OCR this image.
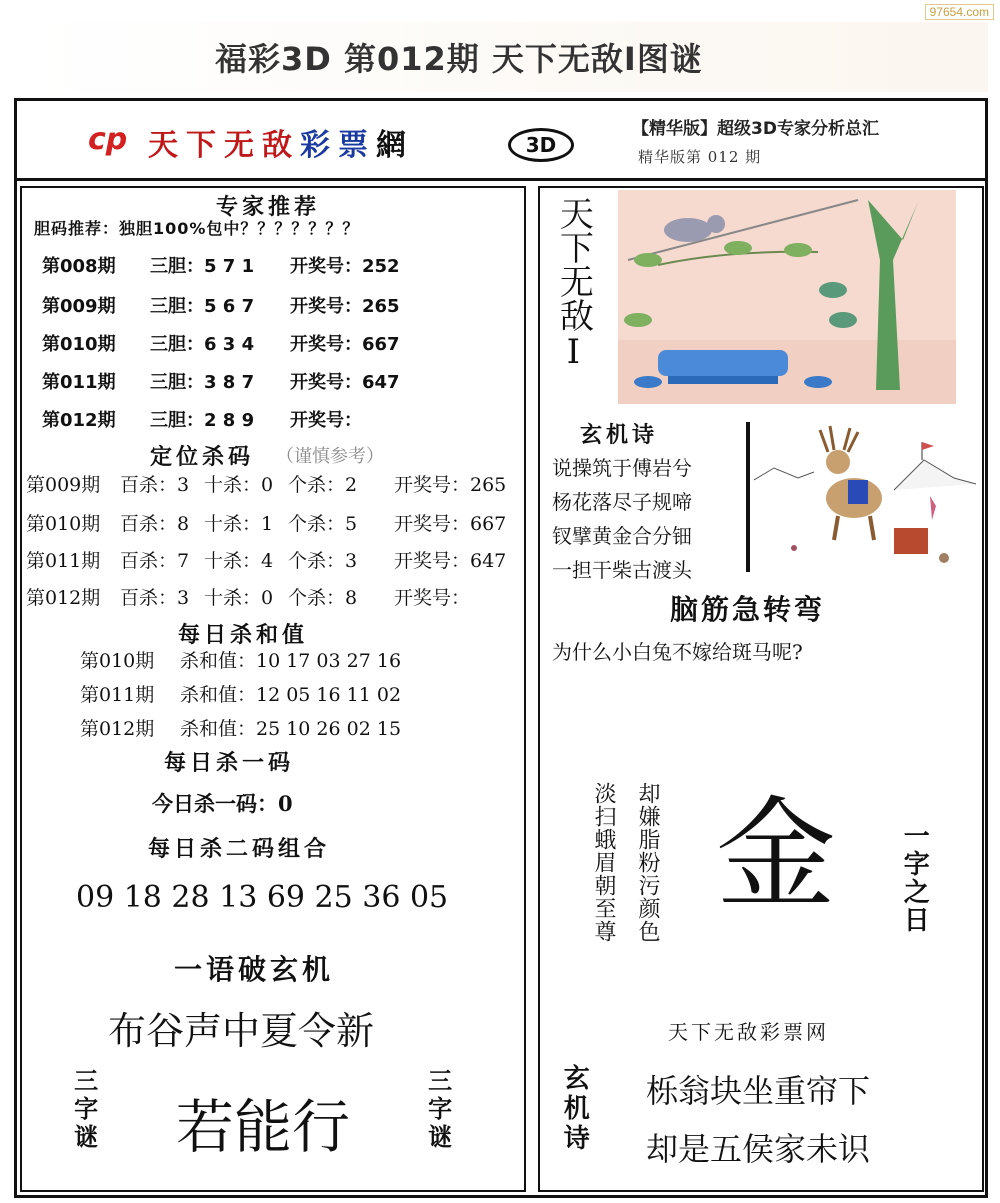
97654.com
福彩3D 第012期 天下无敌Ⅰ图谜
cp 天下无敌彩票網	3D
【精华版】超级3D专家分析总汇
精华版第 012 期
专家推荐
胆码推荐：独胆100%包中？？？？？？？
第008期 三胆：5 7 1 开奖号：252
第009期 三胆：5 6 7 开奖号：265
第010期 三胆：6 3 4 开奖号：667
第011期 三胆：3 8 7 开奖号：647
第012期 三胆：2 8 9 开奖号：
定位杀码 （谨慎参考）
第009期 百杀：3 十杀：0 个杀：2 开奖号：265
第010期 百杀：8 十杀：1 个杀：5 开奖号：667
第011期 百杀：7 十杀：4 个杀：3 开奖号：647
第012期 百杀：3 十杀：0 个杀：8 开奖号：
每日杀和值
第010期 杀和值：10 17 03 27 16
第011期 杀和值：12 05 16 11 02
第012期 杀和值：25 10 26 02 15
每日杀一码
今日杀一码：0
每日杀二码组合
09 18 28 13 69 25 36 05
一语破玄机
布谷声中夏令新
三字谜 若能行	三字谜
天下无敌Ⅰ
玄机诗
说操筑于傅岩兮
杨花落尽子规啼
钗擘黄金合分钿
一担干柴古渡头
脑筋急转弯
为什么小白兔不嫁给斑马呢?
却嫌脂粉污颜色
淡扫蛾眉朝至尊 金 一字之日
天下无敌彩票网
玄机诗 栎翁块坐重帘下
却是五侯家未识
